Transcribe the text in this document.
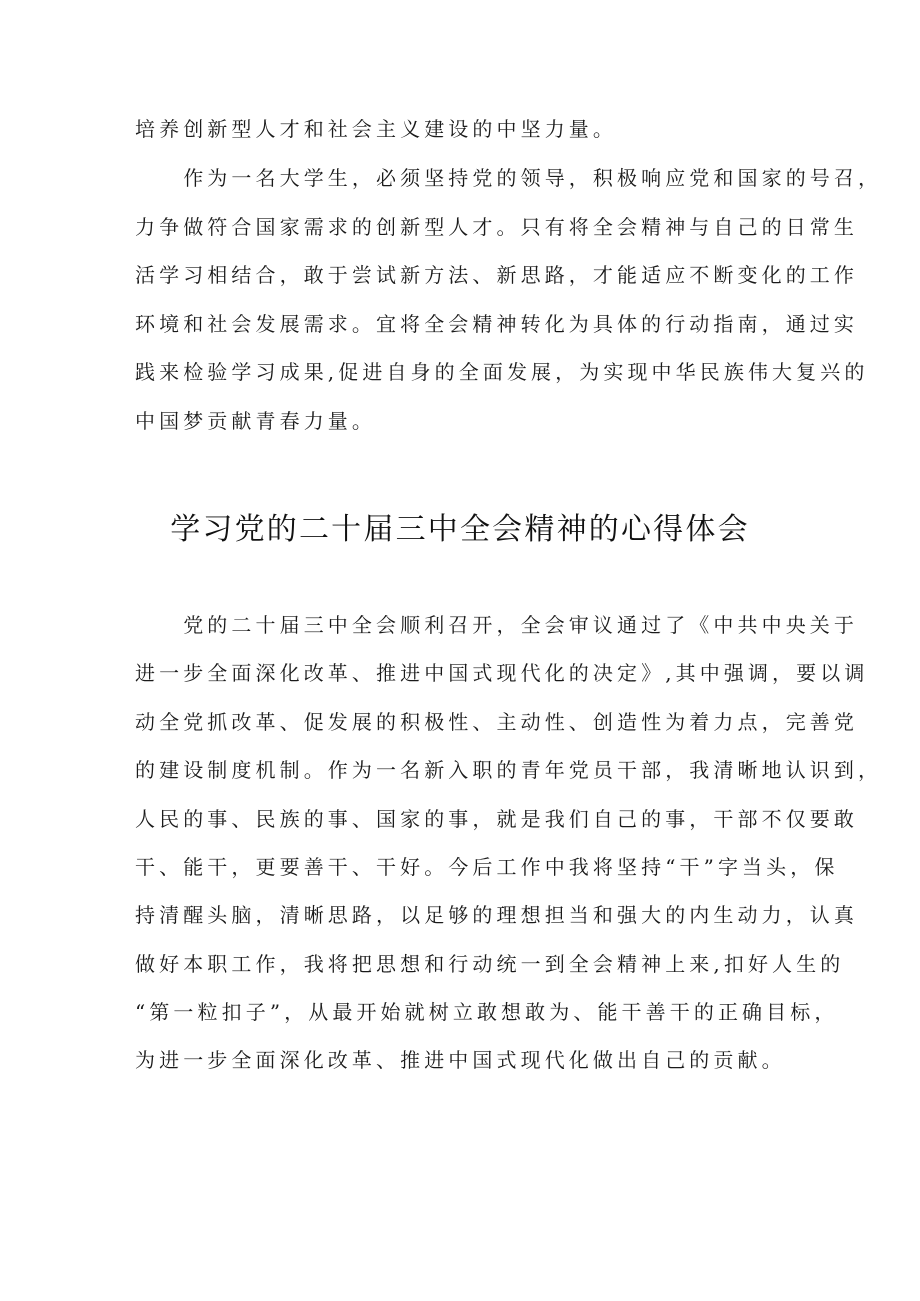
培养创新型人才和社会主义建设的中坚力量。
　　作为一名大学生，必须坚持党的领导，积极响应党和国家的号召，
力争做符合国家需求的创新型人才。只有将全会精神与自己的日常生
活学习相结合，敢于尝试新方法、新思路，才能适应不断变化的工作
环境和社会发展需求。宜将全会精神转化为具体的行动指南，通过实
践来检验学习成果,促进自身的全面发展，为实现中华民族伟大复兴的
中国梦贡献青春力量。
学习党的二十届三中全会精神的心得体会
　　党的二十届三中全会顺利召开，全会审议通过了《中共中央关于
进一步全面深化改革、推进中国式现代化的决定》,其中强调，要以调
动全党抓改革、促发展的积极性、主动性、创造性为着力点，完善党
的建设制度机制。作为一名新入职的青年党员干部，我清晰地认识到，
人民的事、民族的事、国家的事，就是我们自己的事，干部不仅要敢
干、能干，更要善干、干好。今后工作中我将坚持“干”字当头，保
持清醒头脑，清晰思路，以足够的理想担当和强大的内生动力，认真
做好本职工作，我将把思想和行动统一到全会精神上来,扣好人生的
“第一粒扣子”，从最开始就树立敢想敢为、能干善干的正确目标，
为进一步全面深化改革、推进中国式现代化做出自己的贡献。
